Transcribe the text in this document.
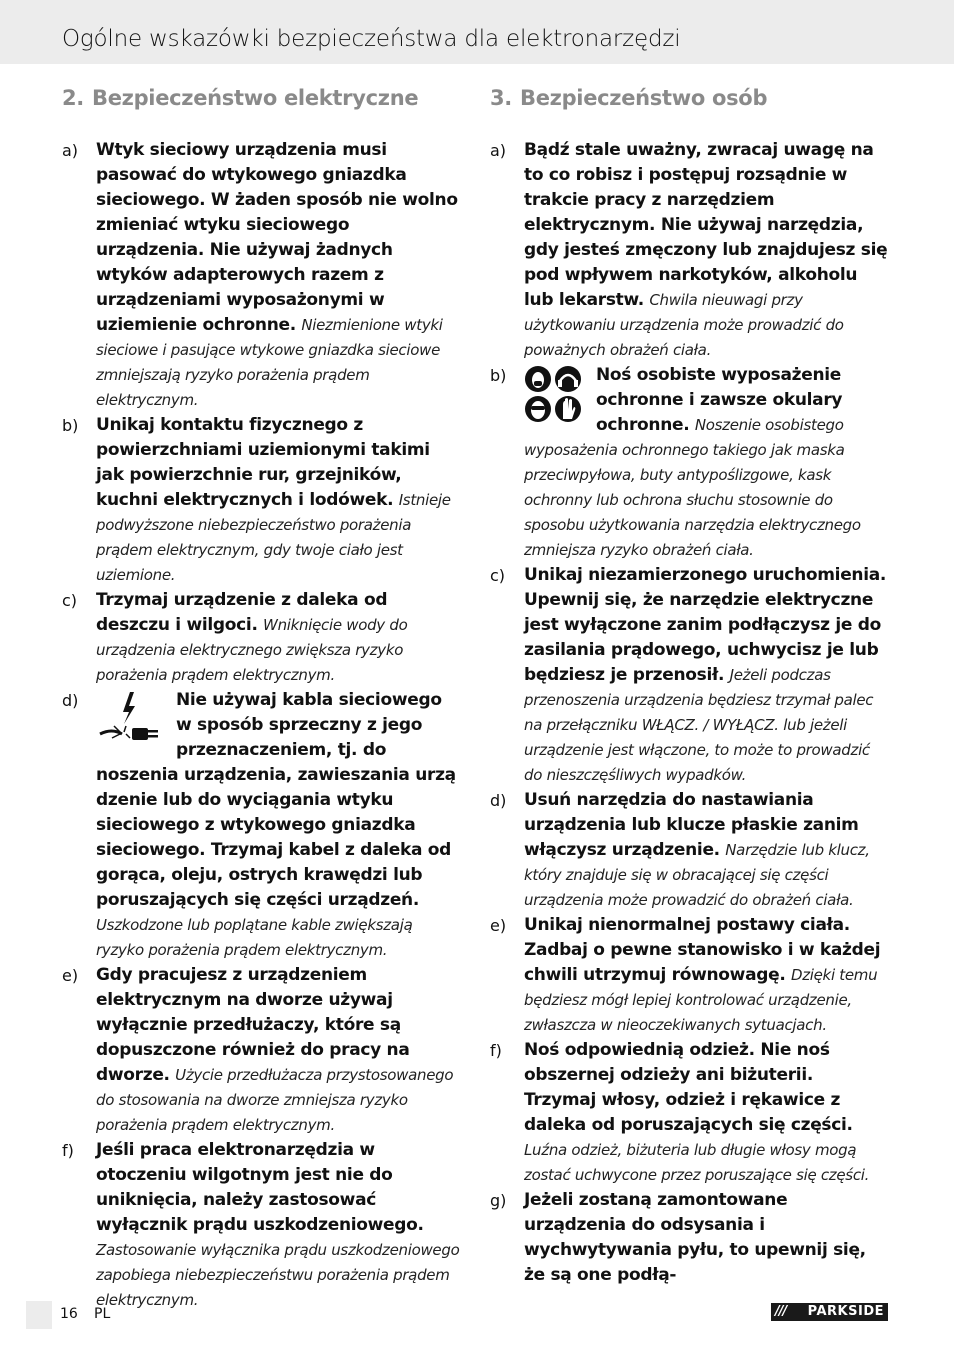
Ogólne wskazówki bezpieczeństwa dla elektronarzędzi
2. Bezpieczeństwo elektryczne
a) Wtyk sieciowy urządzenia musi pasować do wtykowego gniazdka sieciowego. W żaden sposób nie wolno zmieniać wtyku sieciowego urządzenia. Nie używaj żadnych wtyków adapterowych razem z urządzeniami wyposażonymi w uziemienie ochronne. Niezmienione wtyki sieciowe i pasujące wtykowe gniazdka sieciowe zmniejszają ryzyko porażenia prądem elektrycznym.
b) Unikaj kontaktu fizycznego z powierzchniami uziemionymi takimi jak powierzchnie rur, grzejników, kuchni elektrycznych i lodówek. Istnieje podwyższone niebezpieczeństwo porażenia prądem elektrycznym, gdy twoje ciało jest uziemione.
c) Trzymaj urządzenie z daleka od deszczu i wilgoci. Wniknięcie wody do urządzenia elektrycznego zwiększa ryzyko porażenia prądem elektrycznym.
d)	Nie używaj kabla sieciowego w sposób sprzeczny z jego przeznaczeniem, tj. do noszenia urządzenia, zawieszania urzą dzenie lub do wyciągania wtyku sieciowego z wtykowego gniazdka sieciowego. Trzymaj kabel z daleka od gorąca, oleju, ostrych krawędzi lub poruszających się części urządzeń. Uszkodzone lub poplątane kable zwiększają ryzyko porażenia prądem elektrycznym.
e) Gdy pracujesz z urządzeniem elektrycznym na dworze używaj wyłącznie przedłużaczy, które są dopuszczone również do pracy na dworze. Użycie przedłużacza przystosowanego do stosowania na dworze zmniejsza ryzyko porażenia prądem elektrycznym.
f) Jeśli praca elektronarzędzia w otoczeniu wilgotnym jest nie do uniknięcia, należy zastosować wyłącznik prądu uszkodzeniowego. Zastosowanie wyłącznika prądu uszkodzeniowego zapobiega niebezpieczeństwu porażenia prądem elektrycznym.
3. Bezpieczeństwo osób
a) Bądź stale uważny, zwracaj uwagę na to co robisz i postępuj rozsądnie w trakcie pracy z narzędziem elektrycznym. Nie używaj narzędzia, gdy jesteś zmęczony lub znajdujesz się pod wpływem narkotyków, alkoholu lub lekarstw. Chwila nieuwagi przy użytkowaniu urządzenia może prowadzić do poważnych obrażeń ciała.
b)	Noś osobiste wyposażenie ochronne i zawsze okulary ochronne. Noszenie osobistego wyposażenia ochronnego takiego jak maska przeciwpyłowa, buty antypoślizgowe, kask ochronny lub ochrona słuchu stosownie do sposobu użytkowania narzędzia elektrycznego zmniejsza ryzyko obrażeń ciała.
c) Unikaj niezamierzonego uruchomienia. Upewnij się, że narzędzie elektryczne jest wyłączone zanim podłączysz je do zasilania prądowego, uchwycisz je lub będziesz je przenosił. Jeżeli podczas przenoszenia urządzenia będziesz trzymał palec na przełączniku WŁĄCZ. / WYŁĄCZ. lub jeżeli urządzenie jest włączone, to może to prowadzić do nieszczęśliwych wypadków.
d) Usuń narzędzia do nastawiania urządzenia lub klucze płaskie zanim włączysz urządzenie. Narzędzie lub klucz, który znajduje się w obracającej się części urządzenia może prowadzić do obrażeń ciała.
e) Unikaj nienormalnej postawy ciała. Zadbaj o pewne stanowisko i w każdej chwili utrzymuj równowagę. Dzięki temu będziesz mógł lepiej kontrolować urządzenie, zwłaszcza w nieoczekiwanych sytuacjach.
f) Noś odpowiednią odzież. Nie noś obszernej odzieży ani biżuterii. Trzymaj włosy, odzież i rękawice z daleka od poruszających się części. Luźna odzież, biżuteria lub długie włosy mogą zostać uchwycone przez poruszające się części.
g) Jeżeli zostaną zamontowane urządzenia do odsysania i wychwytywania pyłu, to upewnij się, że są one podłą-
16 PL	/// PARKSIDE
